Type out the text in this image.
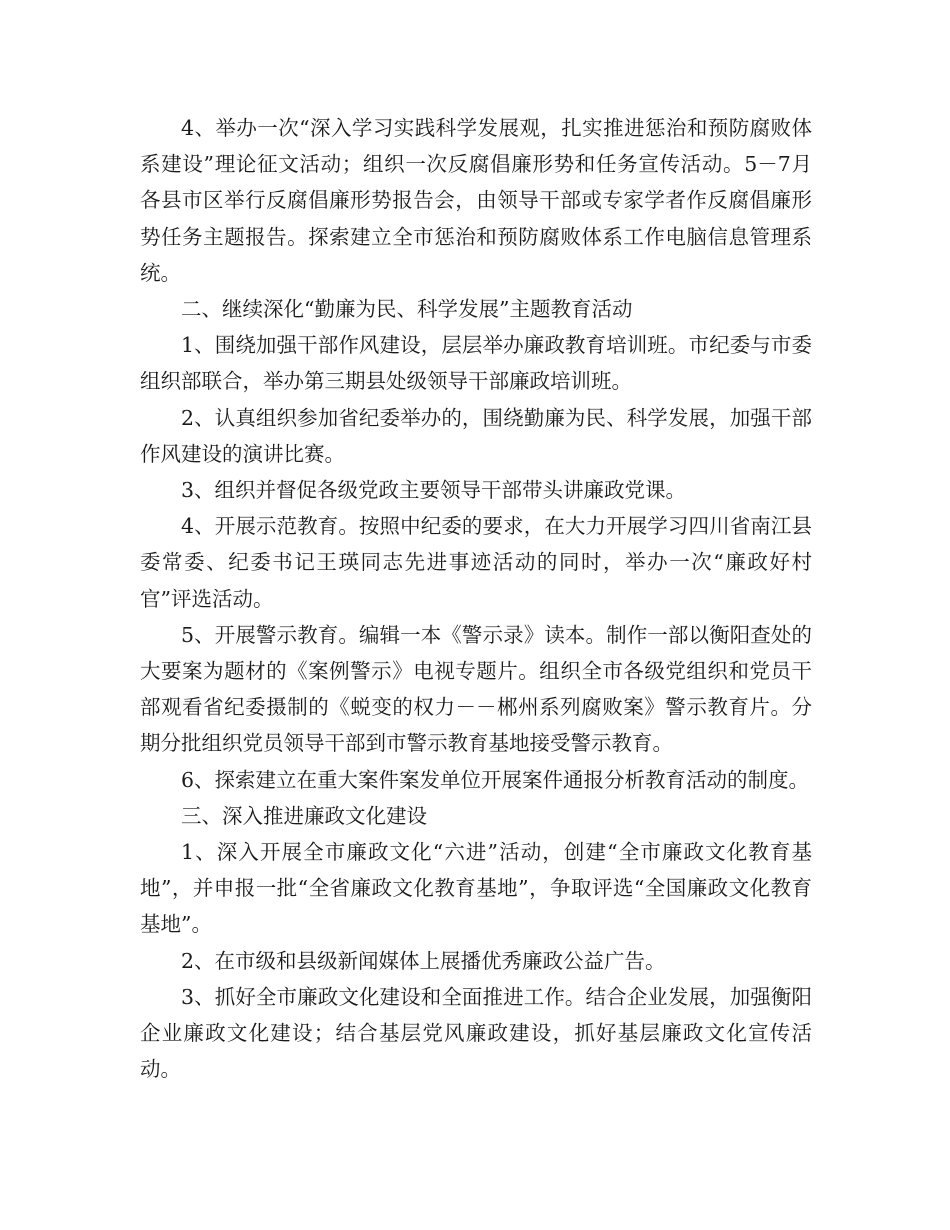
4、举办一次“深入学习实践科学发展观，扎实推进惩治和预防腐败体系建设”理论征文活动；组织一次反腐倡廉形势和任务宣传活动。5－7月各县市区举行反腐倡廉形势报告会，由领导干部或专家学者作反腐倡廉形势任务主题报告。探索建立全市惩治和预防腐败体系工作电脑信息管理系统。

二、继续深化“勤廉为民、科学发展”主题教育活动

1、围绕加强干部作风建设，层层举办廉政教育培训班。市纪委与市委组织部联合，举办第三期县处级领导干部廉政培训班。

2、认真组织参加省纪委举办的，围绕勤廉为民、科学发展，加强干部作风建设的演讲比赛。

3、组织并督促各级党政主要领导干部带头讲廉政党课。

4、开展示范教育。按照中纪委的要求，在大力开展学习四川省南江县委常委、纪委书记王瑛同志先进事迹活动的同时，举办一次“廉政好村官”评选活动。

5、开展警示教育。编辑一本《警示录》读本。制作一部以衡阳查处的大要案为题材的《案例警示》电视专题片。组织全市各级党组织和党员干部观看省纪委摄制的《蜕变的权力－－郴州系列腐败案》警示教育片。分期分批组织党员领导干部到市警示教育基地接受警示教育。

6、探索建立在重大案件案发单位开展案件通报分析教育活动的制度。

三、深入推进廉政文化建设

1、深入开展全市廉政文化“六进”活动，创建“全市廉政文化教育基地”，并申报一批“全省廉政文化教育基地”，争取评选“全国廉政文化教育基地”。

2、在市级和县级新闻媒体上展播优秀廉政公益广告。

3、抓好全市廉政文化建设和全面推进工作。结合企业发展，加强衡阳企业廉政文化建设；结合基层党风廉政建设，抓好基层廉政文化宣传活动。
